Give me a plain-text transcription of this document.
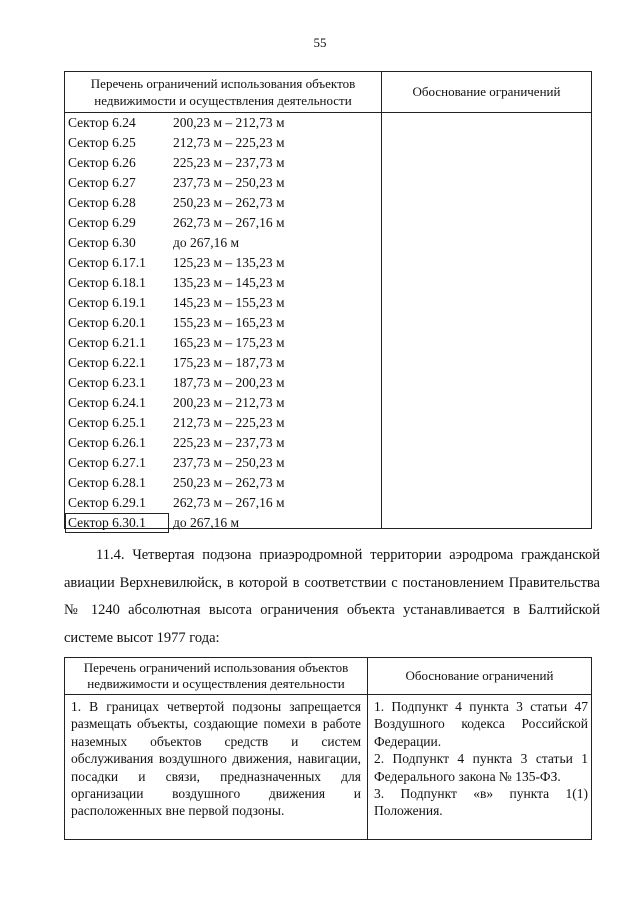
55
Перечень ограничений использования объектов недвижимости и осуществления деятельности
Обоснование ограничений
Сектор 6.24	200,23 м – 212,73 м
Сектор 6.25	212,73 м – 225,23 м
Сектор 6.26	225,23 м – 237,73 м
Сектор 6.27	237,73 м – 250,23 м
Сектор 6.28	250,23 м – 262,73 м
Сектор 6.29	262,73 м – 267,16 м
Сектор 6.30	до 267,16 м
Сектор 6.17.1 125,23 м – 135,23 м
Сектор 6.18.1 135,23 м – 145,23 м
Сектор 6.19.1 145,23 м – 155,23 м
Сектор 6.20.1 155,23 м – 165,23 м
Сектор 6.21.1 165,23 м – 175,23 м
Сектор 6.22.1 175,23 м – 187,73 м
Сектор 6.23.1 187,73 м – 200,23 м
Сектор 6.24.1 200,23 м – 212,73 м
Сектор 6.25.1 212,73 м – 225,23 м
Сектор 6.26.1 225,23 м – 237,73 м
Сектор 6.27.1 237,73 м – 250,23 м
Сектор 6.28.1 250,23 м – 262,73 м
Сектор 6.29.1 262,73 м – 267,16 м
Сектор 6.30.1 до 267,16 м
11.4. Четвертая подзона приаэродромной территории аэродрома гражданской авиации Верхневилюйск, в которой в соответствии с постановлением Правительства № 1240 абсолютная высота ограничения объекта устанавливается в Балтийской системе высот 1977 года:
Перечень ограничений использования объектов недвижимости и осуществления деятельности
Обоснование ограничений
1. В границах четвертой подзоны запрещается размещать объекты, создающие помехи в работе наземных объектов средств и систем обслуживания воздушного движения, навигации, посадки и связи, предназначенных для организации воздушного движения и расположенных вне первой подзоны.

1. Подпункт 4 пункта 3 статьи 47 Воздушного кодекса Российской Федерации.

2. Подпункт 4 пункта 3 статьи 1 Федерального закона № 135-ФЗ.

3. Подпункт «в» пункта 1(1) Положения.
